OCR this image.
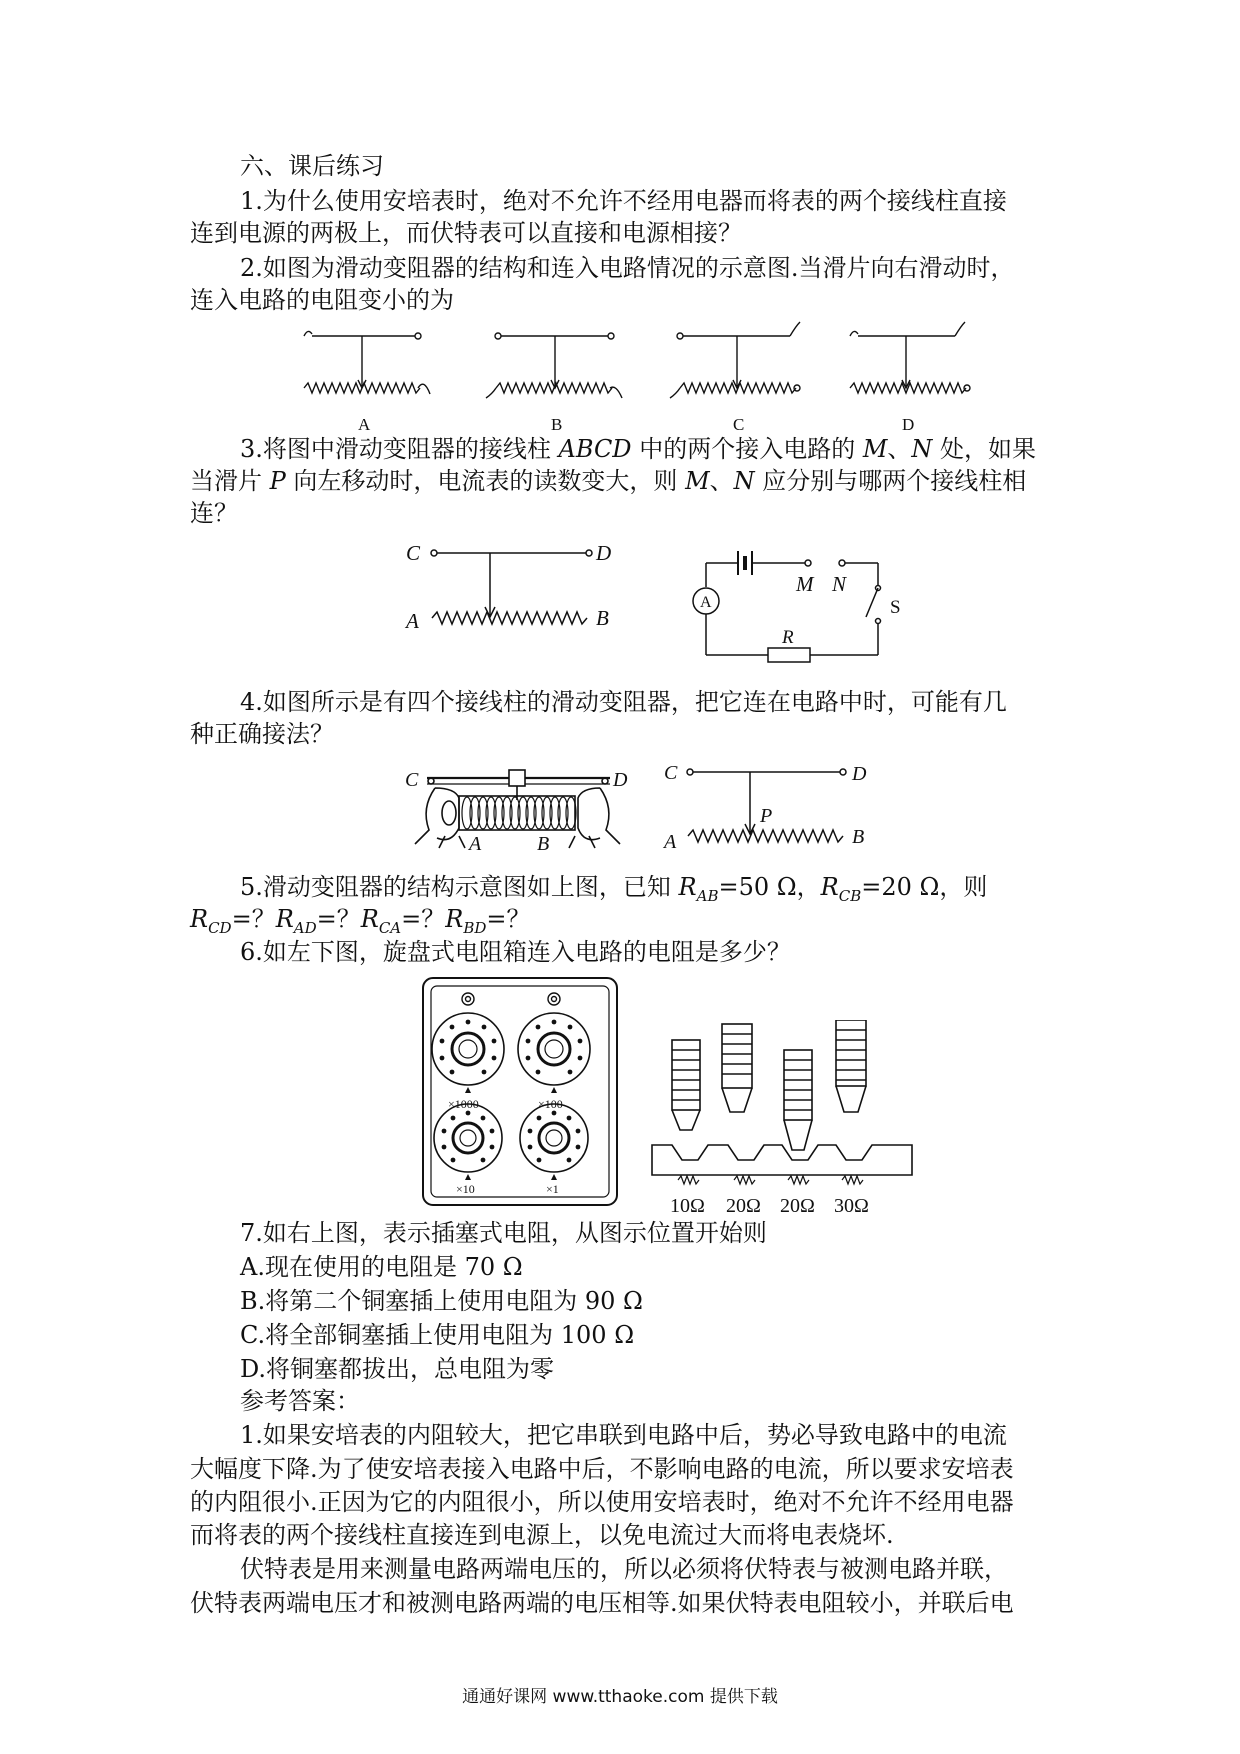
六、课后练习
1.为什么使用安培表时，绝对不允许不经用电器而将表的两个接线柱直接
连到电源的两极上，而伏特表可以直接和电源相接？
2.如图为滑动变阻器的结构和连入电路情况的示意图.当滑片向右滑动时，
连入电路的电阻变小的为
A	B	C	D
3.将图中滑动变阻器的接线柱 ABCD 中的两个接入电路的 M、N 处，如果
当滑片 P 向左移动时，电流表的读数变大，则 M、N 应分别与哪两个接线柱相
连？
C	D
A	B
A
M N
S
R
4.如图所示是有四个接线柱的滑动变阻器，把它连在电路中时，可能有几
种正确接法？
C	D
A	B
C	D
A	B
P
5.滑动变阻器的结构示意图如上图，已知 $R_{AB}=50$ Ω，$R_{CB}=20$ Ω，则
$R_{CD}=$？$R_{AD}=$？$R_{CA}=$？$R_{BD}=$？
6.如左下图，旋盘式电阻箱连入电路的电阻是多少？
×1000	×100
×10	×1
10Ω 20Ω 20Ω 30Ω
7.如右上图，表示插塞式电阻，从图示位置开始则
A.现在使用的电阻是 70 Ω
B.将第二个铜塞插上使用电阻为 90 Ω
C.将全部铜塞插上使用电阻为 100 Ω
D.将铜塞都拔出，总电阻为零
参考答案：
1.如果安培表的内阻较大，把它串联到电路中后，势必导致电路中的电流
大幅度下降.为了使安培表接入电路中后，不影响电路的电流，所以要求安培表
的内阻很小.正因为它的内阻很小，所以使用安培表时，绝对不允许不经用电器
而将表的两个接线柱直接连到电源上，以免电流过大而将电表烧坏.
伏特表是用来测量电路两端电压的，所以必须将伏特表与被测电路并联，
伏特表两端电压才和被测电路两端的电压相等.如果伏特表电阻较小，并联后电
通通好课网 www.tthaoke.com 提供下载
